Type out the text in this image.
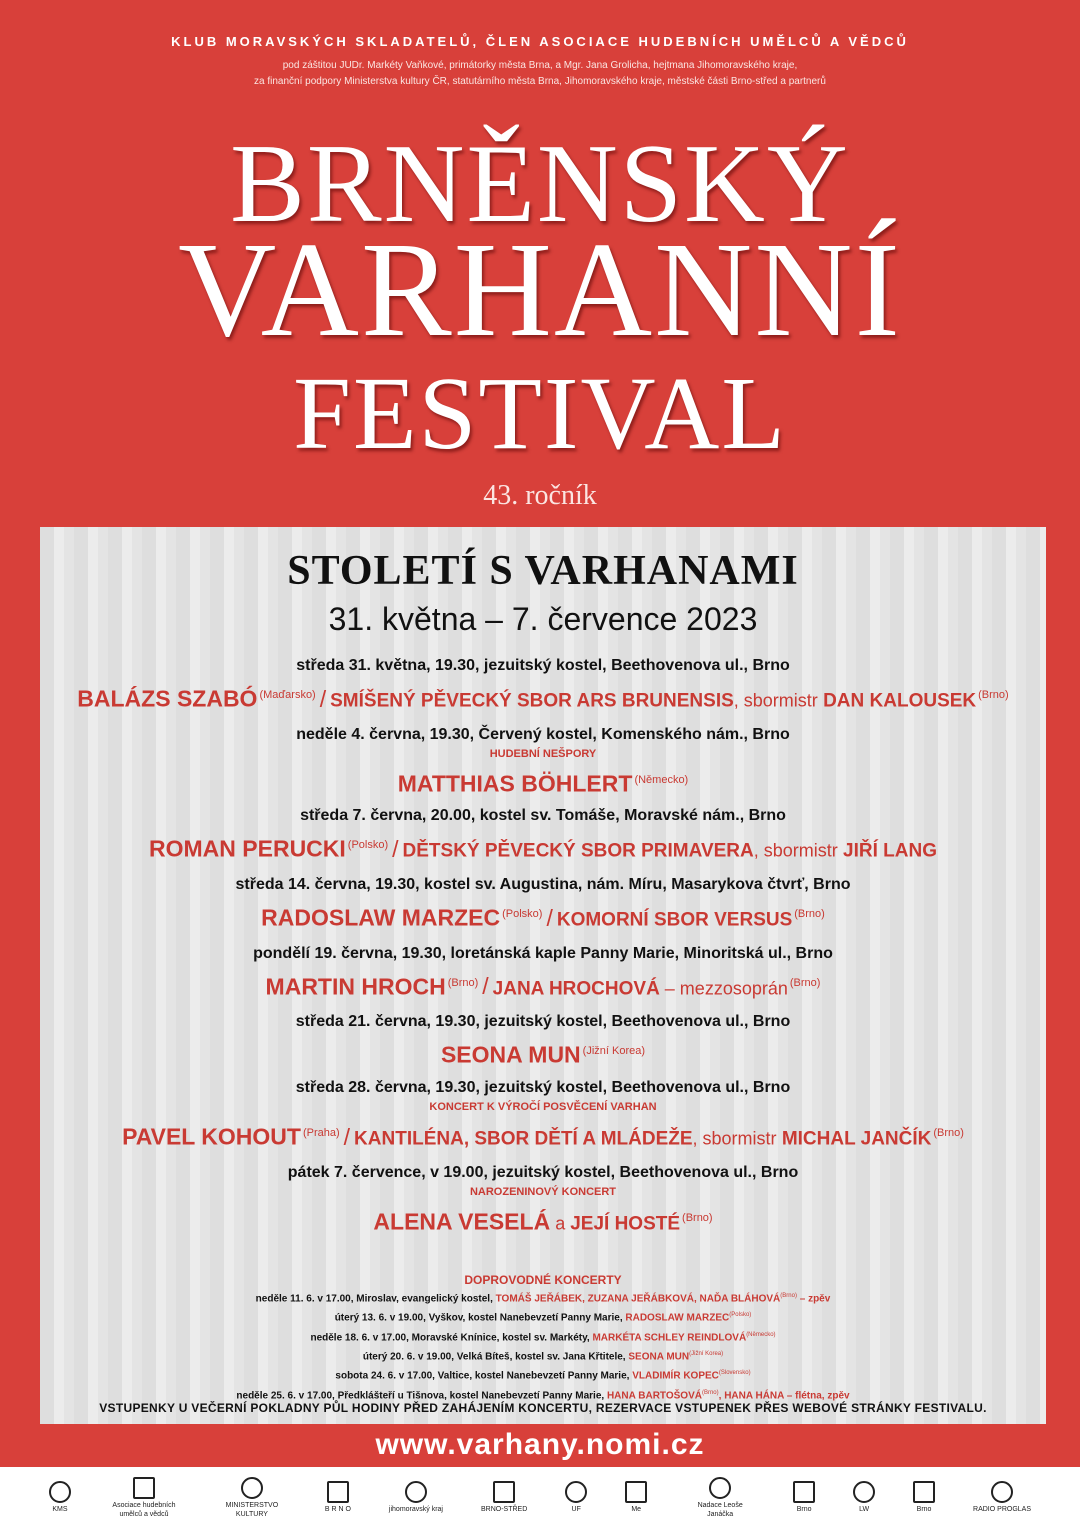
KLUB MORAVSKÝCH SKLADATELŮ, ČLEN ASOCIACE HUDEBNÍCH UMĚLCŮ A VĚDCŮ
pod záštitou JUDr. Markéty Vaňkové, primátorky města Brna, a Mgr. Jana Grolicha, hejtmana Jihomoravského kraje,
za finanční podpory Ministerstva kultury ČR, statutárního města Brna, Jihomoravského kraje, městské části Brno-střed a partnerů
BRNĚNSKÝ
VARHANNÍ
FESTIVAL
43. ročník
STOLETÍ S VARHANAMI
31. května – 7. července 2023
středa 31. května, 19.30, jezuitský kostel, Beethovenova ul., Brno
BALÁZS SZABÓ $^{(Maďarsko)}$ / SMÍŠENÝ PĚVECKÝ SBOR ARS BRUNENSIS, sbormistr DAN KALOUSEK $^{(Brno)}$
neděle 4. června, 19.30, Červený kostel, Komenského nám., Brno
HUDEBNÍ NEŠPORY
MATTHIAS BÖHLERT $^{(Německo)}$
středa 7. června, 20.00, kostel sv. Tomáše, Moravské nám., Brno
ROMAN PERUCKI $^{(Polsko)}$ / DĚTSKÝ PĚVECKÝ SBOR PRIMAVERA, sbormistr JIŘÍ LANG
středa 14. června, 19.30, kostel sv. Augustina, nám. Míru, Masarykova čtvrť, Brno
RADOSLAW MARZEC $^{(Polsko)}$ / KOMORNÍ SBOR VERSUS $^{(Brno)}$
pondělí 19. června, 19.30, loretánská kaple Panny Marie, Minoritská ul., Brno
MARTIN HROCH $^{(Brno)}$ / JANA HROCHOVÁ – mezzosoprán $^{(Brno)}$
středa 21. června, 19.30, jezuitský kostel, Beethovenova ul., Brno
SEONA MUN $^{(Jižní Korea)}$
středa 28. června, 19.30, jezuitský kostel, Beethovenova ul., Brno
KONCERT K VÝROČÍ POSVĚCENÍ VARHAN
PAVEL KOHOUT $^{(Praha)}$ / KANTILÉNA, SBOR DĚTÍ A MLÁDEŽE, sbormistr MICHAL JANČÍK $^{(Brno)}$
pátek 7. července, v 19.00, jezuitský kostel, Beethovenova ul., Brno
NAROZENINOVÝ KONCERT
ALENA VESELÁ a JEJÍ HOSTÉ $^{(Brno)}$
DOPROVODNÉ KONCERTY
neděle 11. 6. v 17.00, Miroslav, evangelický kostel, TOMÁŠ JEŘÁBEK, ZUZANA JEŘÁBKOVÁ, NAĎA $BLÁHOVÁ^{(Brno)}$ – zpěv
úterý 13. 6. v 19.00, Vyškov, kostel Nanebevzetí Panny Marie, RADOSLAW $MARZEC^{(Polsko)}$
neděle 18. 6. v 17.00, Moravské Knínice, kostel sv. Markéty, MARKÉTA SCHLEY $REINDLOVÁ^{(Německo)}$
úterý 20. 6. v 19.00, Velká Bíteš, kostel sv. Jana Křtitele, SEONA $MUN^{(Jižní Korea)}$
sobota 24. 6. v 17.00, Valtice, kostel Nanebevzetí Panny Marie, VLADIMÍR $KOPEC^{(Slovensko)}$
neděle 25. 6. v 17.00, Předklášteří u Tišnova, kostel Nanebevzetí Panny Marie, HANA $BARTOŠOVÁ^{(Brno)}$, HANA HÁNA – flétna, zpěv
VSTUPENKY U VEČERNÍ POKLADNY PŮL HODINY PŘED ZAHÁJENÍM KONCERTU, REZERVACE VSTUPENEK PŘES WEBOVÉ STRÁNKY FESTIVALU.
www.varhany.nomi.cz

KMS

Asociace hudebních umělců a vědců

MINISTERSTVO KULTURY

B R N O	jihomoravský kraj	BRNO-STŘED	UF	Me

Nadace Leoše Janáčka

Brno	LW	Brno	RADIO PROGLAS
